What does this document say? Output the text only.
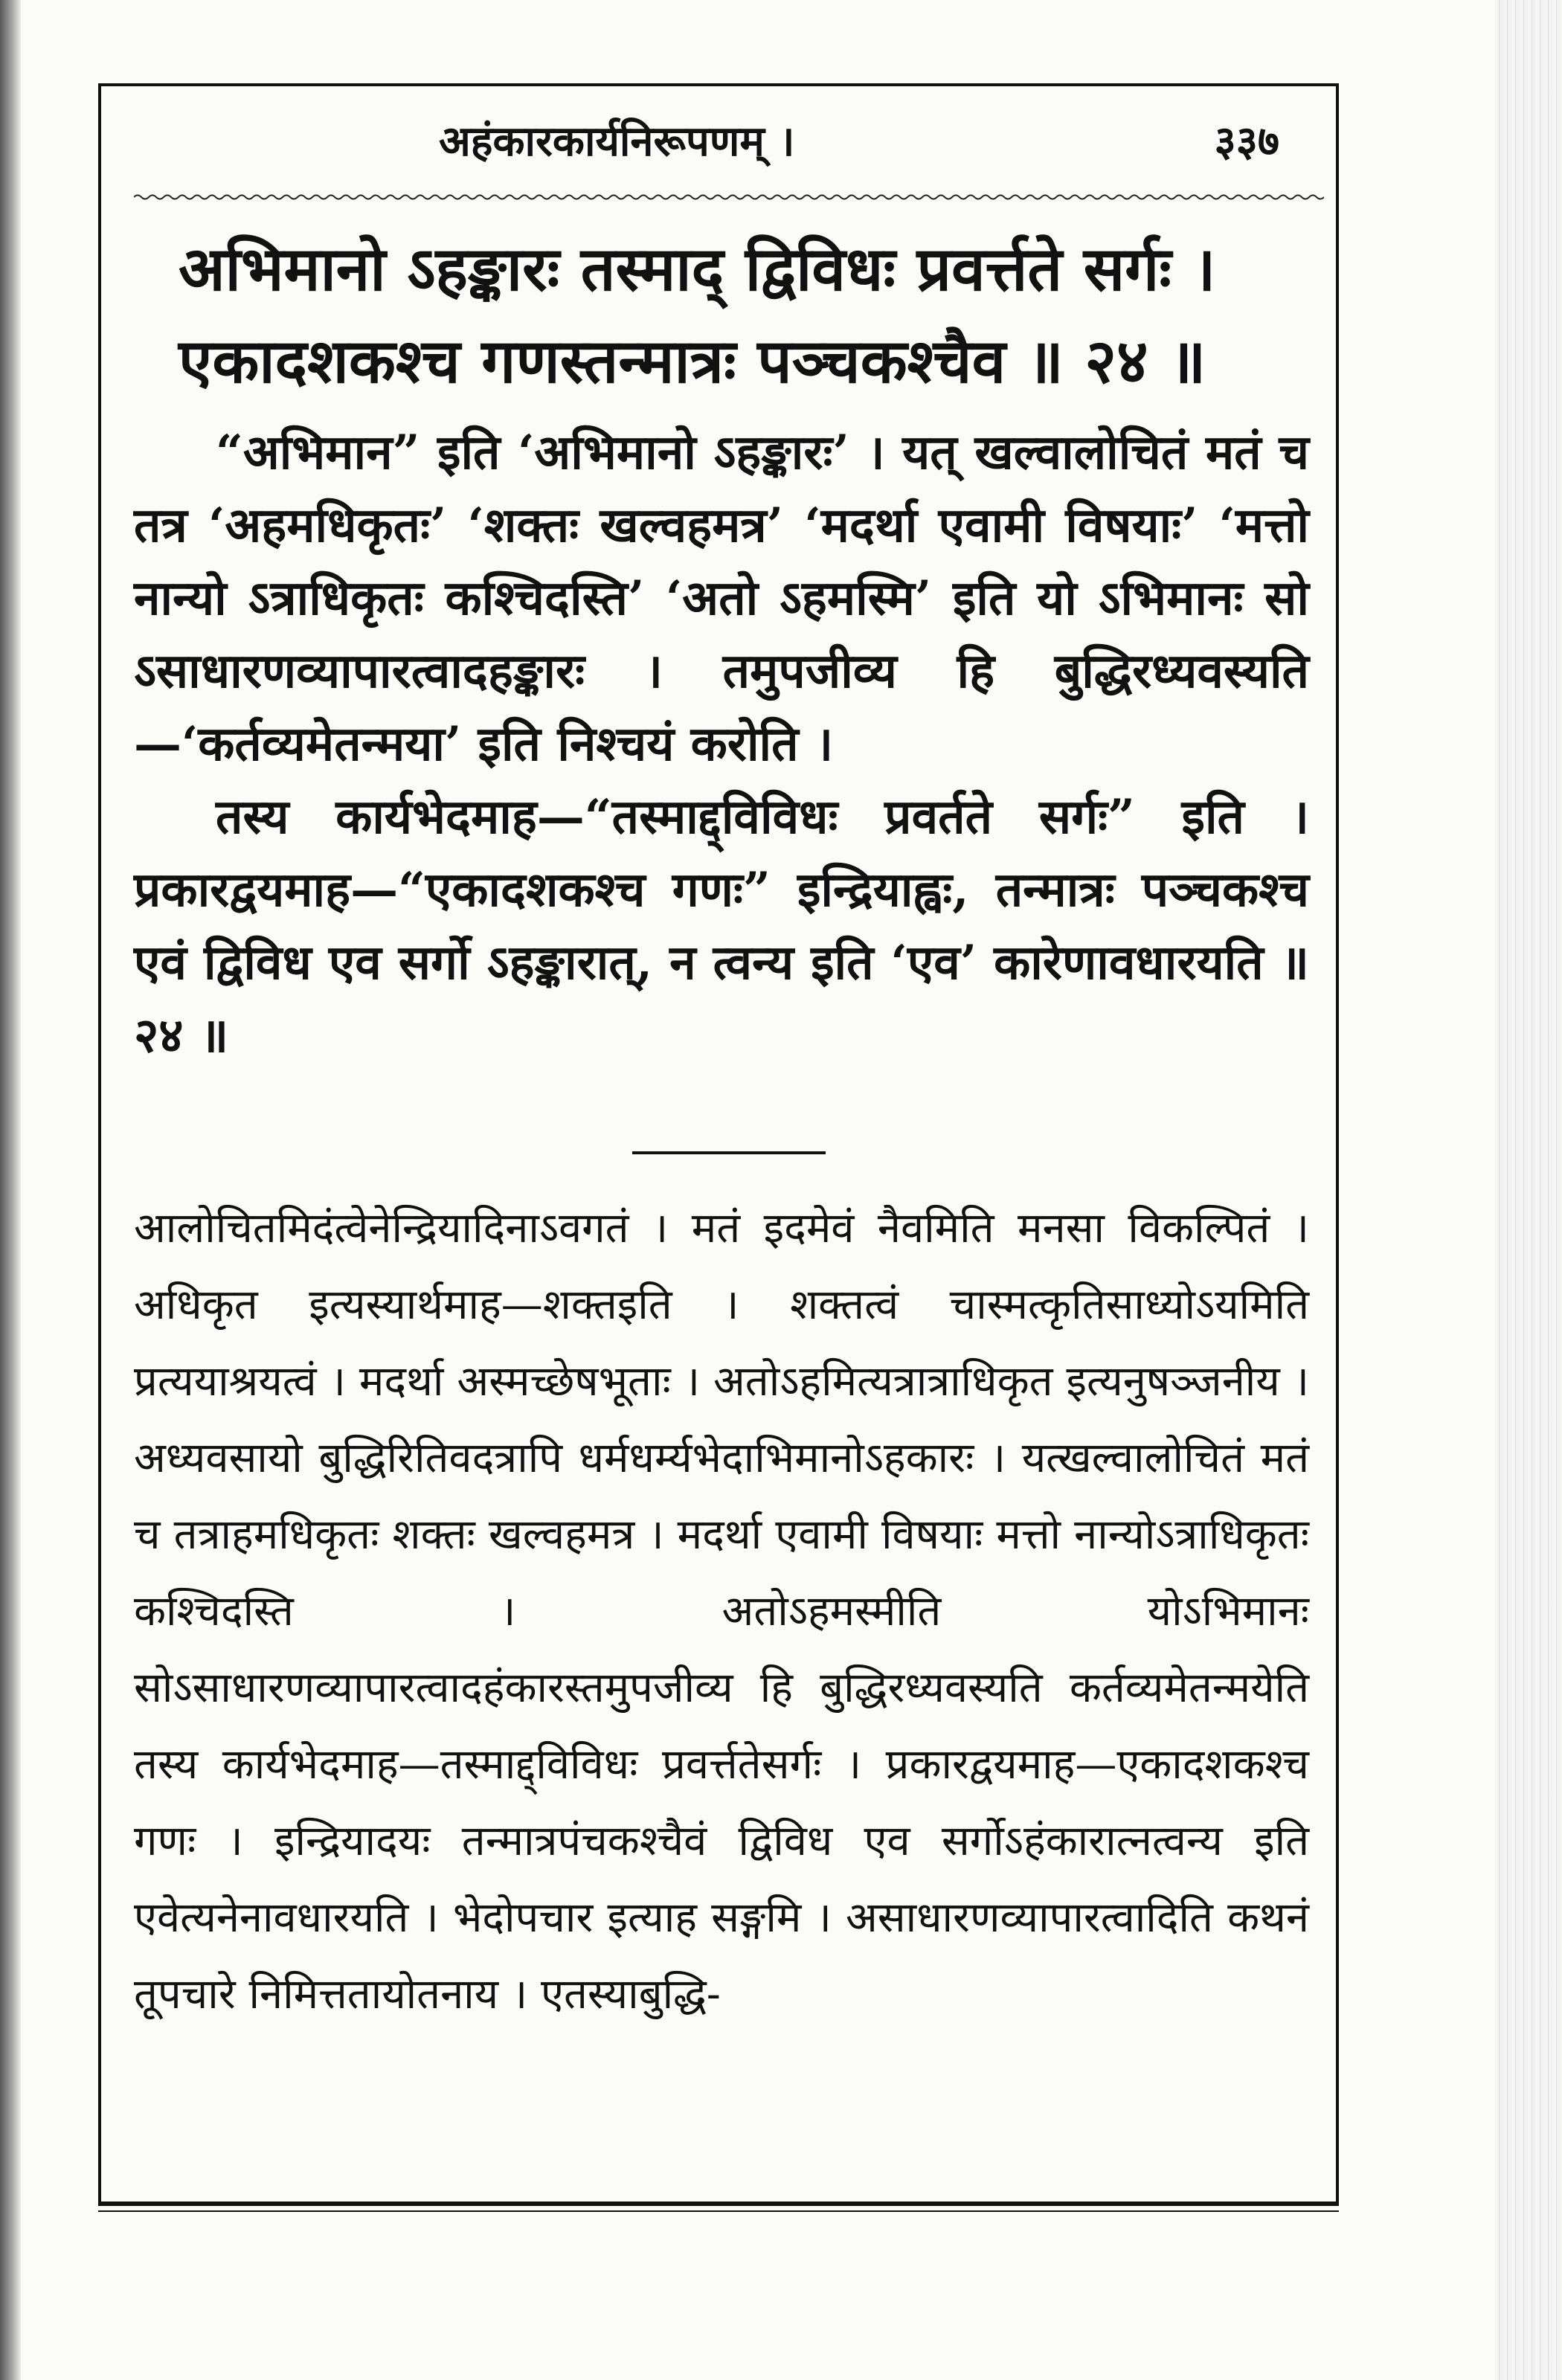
अहंकारकार्यनिरूपणम् ।	३३७
अभिमानो ऽहङ्कारः तस्माद् द्विविधः प्रवर्त्तते सर्गः ।
एकादशकश्च गणस्तन्मात्रः पञ्चकश्चैव ॥ २४ ॥
“अभिमान” इति ‘अभिमानो ऽहङ्कारः’ । यत् खल्वालोचितं मतं च तत्र ‘अहमधिकृतः’ ‘शक्तः खल्वहमत्र’ ‘मदर्था एवामी विषयाः’ ‘मत्तो नान्यो ऽत्राधिकृतः कश्चिदस्ति’ ‘अतो ऽहमस्मि’ इति यो ऽभिमानः सो ऽसाधारणव्यापारत्वादहङ्कारः । तमुपजीव्य हि बुद्धिरध्यवस्यति—‘कर्तव्यमेतन्मया’ इति निश्चयं करोति ।
तस्य कार्यभेदमाह—“तस्माद्द्विविधः प्रवर्तते सर्गः” इति । प्रकारद्वयमाह—“एकादशकश्च गणः” इन्द्रियाह्वः, तन्मात्रः पञ्चकश्च एवं द्विविध एव सर्गो ऽहङ्कारात्, न त्वन्य इति ‘एव’ कारेणावधारयति ॥ २४ ॥
आलोचितमिदंत्वेनेन्द्रियादिनाऽवगतं । मतं इदमेवं नैवमिति मनसा विकल्पितं । अधिकृत इत्यस्यार्थमाह—शक्तइति । शक्तत्वं चास्मत्कृतिसाध्योऽयमिति प्रत्ययाश्रयत्वं । मदर्था अस्मच्छेषभूताः । अतोऽहमित्यत्रात्राधिकृत इत्यनुषञ्जनीय । अध्यवसायो बुद्धिरितिवदत्रापि धर्मधर्म्यभेदाभिमानोऽहकारः । यत्खल्वालोचितं मतं च तत्राहमधिकृतः शक्तः खल्वहमत्र । मदर्था एवामी विषयाः मत्तो नान्योऽत्राधिकृतः कश्चिदस्ति । अतोऽहमस्मीति योऽभिमानः सोऽसाधारणव्यापारत्वादहंकारस्तमुपजीव्य हि बुद्धिरध्यवस्यति कर्तव्यमेतन्मयेति तस्य कार्यभेदमाह—तस्माद्द्विविधः प्रवर्त्ततेसर्गः । प्रकारद्वयमाह—एकादशकश्च गणः । इन्द्रियादयः तन्मात्रपंचकश्चैवं द्विविध एव सर्गोऽहंकारात्नत्वन्य इति एवेत्यनेनावधारयति । भेदोपचार इत्याह सङ्गमि । असाधारणव्यापारत्वादिति कथनं तूपचारे निमित्ततायोतनाय । एतस्याबुद्धि-
